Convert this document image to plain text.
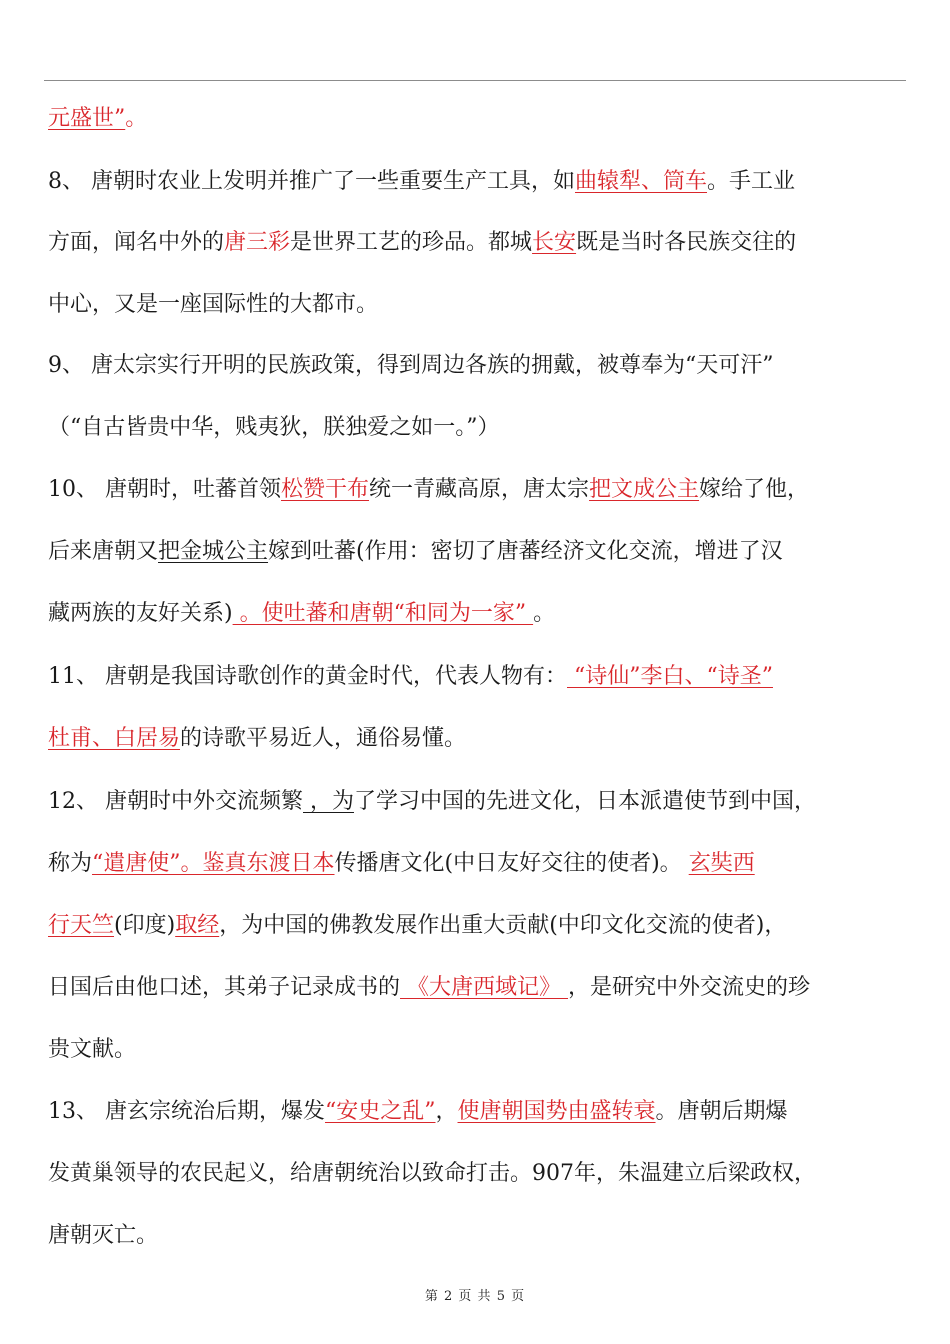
元盛世”。
8、 唐朝时农业上发明并推广了一些重要生产工具，如曲辕犁、筒车。手工业
方面，闻名中外的唐三彩是世界工艺的珍品。都城长安既是当时各民族交往的
中心，又是一座国际性的大都市。
9、 唐太宗实行开明的民族政策，得到周边各族的拥戴，被尊奉为“天可汗”
（“自古皆贵中华，贱夷狄，朕独爱之如一。”）
10、 唐朝时，吐蕃首领松赞干布统一青藏高原，唐太宗把文成公主嫁给了他，
后来唐朝又把金城公主嫁到吐蕃(作用：密切了唐蕃经济文化交流，增进了汉
藏两族的友好关系) 。使吐蕃和唐朝“和同为一家” 。
11、 唐朝是我国诗歌创作的黄金时代，代表人物有： “诗仙”李白、“诗圣”
杜甫、白居易的诗歌平易近人，通俗易懂。
12、 唐朝时中外交流频繁 ，为了学习中国的先进文化，日本派遣使节到中国，
称为“遣唐使”。鉴真东渡日本传播唐文化(中日友好交往的使者)。 玄奘西
行天竺(印度)取经，为中国的佛教发展作出重大贡献(中印文化交流的使者)，
日国后由他口述，其弟子记录成书的 《大唐西域记》 ，是研究中外交流史的珍
贵文献。
13、 唐玄宗统治后期，爆发“安史之乱”，使唐朝国势由盛转衰。唐朝后期爆
发黄巢领导的农民起义，给唐朝统治以致命打击。907年，朱温建立后梁政权，
唐朝灭亡。
第 2 页 共 5 页
